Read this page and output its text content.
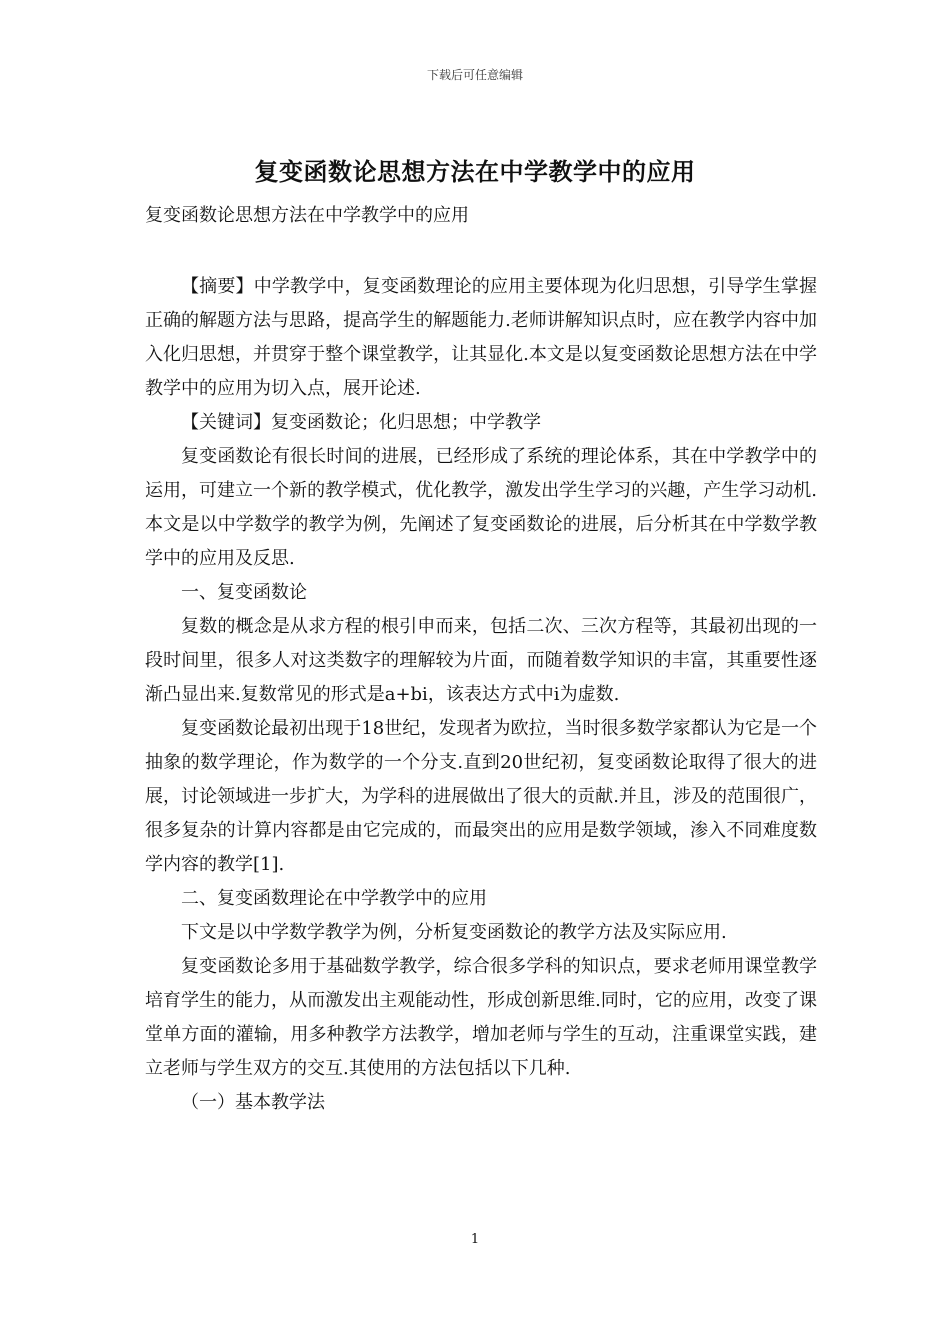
下载后可任意编辑
复变函数论思想方法在中学教学中的应用
复变函数论思想方法在中学教学中的应用

【摘要】中学教学中，复变函数理论的应用主要体现为化归思想，引导学生掌握正确的解题方法与思路，提高学生的解题能力.老师讲解知识点时，应在教学内容中加入化归思想，并贯穿于整个课堂教学，让其显化.本文是以复变函数论思想方法在中学教学中的应用为切入点，展开论述.

【关键词】复变函数论；化归思想；中学教学

复变函数论有很长时间的进展，已经形成了系统的理论体系，其在中学教学中的运用，可建立一个新的教学模式，优化教学，激发出学生学习的兴趣，产生学习动机.本文是以中学数学的教学为例，先阐述了复变函数论的进展，后分析其在中学数学教学中的应用及反思.

一、复变函数论

复数的概念是从求方程的根引申而来，包括二次、三次方程等，其最初出现的一段时间里，很多人对这类数字的理解较为片面，而随着数学知识的丰富，其重要性逐渐凸显出来.复数常见的形式是a+bi，该表达方式中i为虚数.

复变函数论最初出现于18世纪，发现者为欧拉，当时很多数学家都认为它是一个抽象的数学理论，作为数学的一个分支.直到20世纪初，复变函数论取得了很大的进展，讨论领域进一步扩大，为学科的进展做出了很大的贡献.并且，涉及的范围很广，很多复杂的计算内容都是由它完成的，而最突出的应用是数学领域，渗入不同难度数学内容的教学[1].

二、复变函数理论在中学教学中的应用

下文是以中学数学教学为例，分析复变函数论的教学方法及实际应用.

复变函数论多用于基础数学教学，综合很多学科的知识点，要求老师用课堂教学培育学生的能力，从而激发出主观能动性，形成创新思维.同时，它的应用，改变了课堂单方面的灌输，用多种教学方法教学，增加老师与学生的互动，注重课堂实践，建立老师与学生双方的交互.其使用的方法包括以下几种.

（一）基本教学法

1
